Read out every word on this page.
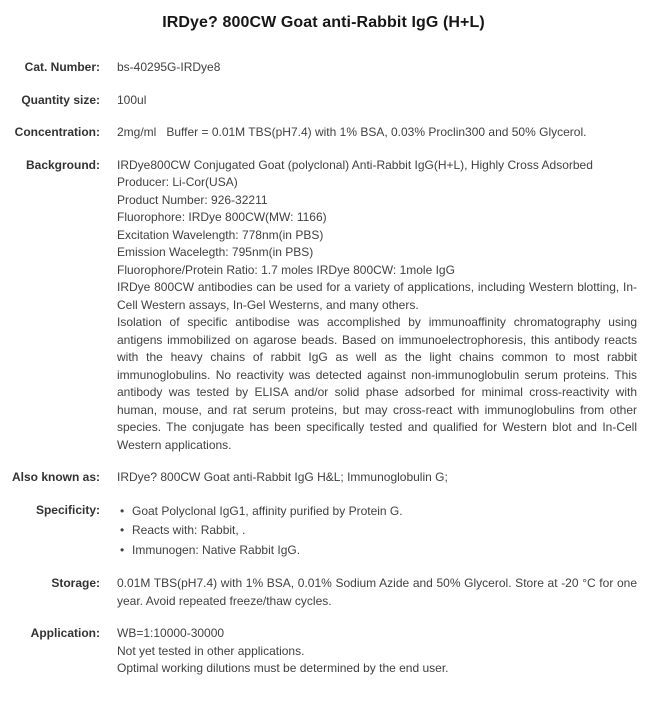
IRDye? 800CW Goat anti-Rabbit IgG (H+L)
Cat. Number: bs-40295G-IRDye8
Quantity size: 100ul
Concentration: 2mg/ml   Buffer = 0.01M TBS(pH7.4) with 1% BSA, 0.03% Proclin300 and 50% Glycerol.
Background: IRDye800CW Conjugated Goat (polyclonal) Anti-Rabbit IgG(H+L), Highly Cross Adsorbed
Producer: Li-Cor(USA)
Product Number: 926-32211
Fluorophore: IRDye 800CW(MW: 1166)
Excitation Wavelength: 778nm(in PBS)
Emission Wacelegth: 795nm(in PBS)
Fluorophore/Protein Ratio: 1.7 moles IRDye 800CW: 1mole IgG
IRDye 800CW antibodies can be used for a variety of applications, including Western blotting, In-Cell Western assays, In-Gel Westerns, and many others.
Isolation of specific antibodise was accomplished by immunoaffinity chromatography using antigens immobilized on agarose beads. Based on immunoelectrophoresis, this antibody reacts with the heavy chains of rabbit IgG as well as the light chains common to most rabbit immunoglobulins. No reactivity was detected against non-immunoglobulin serum proteins. This antibody was tested by ELISA and/or solid phase adsorbed for minimal cross-reactivity with human, mouse, and rat serum proteins, but may cross-react with immunoglobulins from other species. The conjugate has been specifically tested and qualified for Western blot and In-Cell Western applications.
Also known as: IRDye? 800CW Goat anti-Rabbit IgG H&L; Immunoglobulin G;
Specificity:	• Goat Polyclonal IgG1, affinity purified by Protein G.
• Reacts with: Rabbit, .
• Immunogen: Native Rabbit IgG.
Storage: 0.01M TBS(pH7.4) with 1% BSA, 0.01% Sodium Azide and 50% Glycerol. Store at -20 °C for one year. Avoid repeated freeze/thaw cycles.
Application: WB=1:10000-30000
Not yet tested in other applications.
Optimal working dilutions must be determined by the end user.
